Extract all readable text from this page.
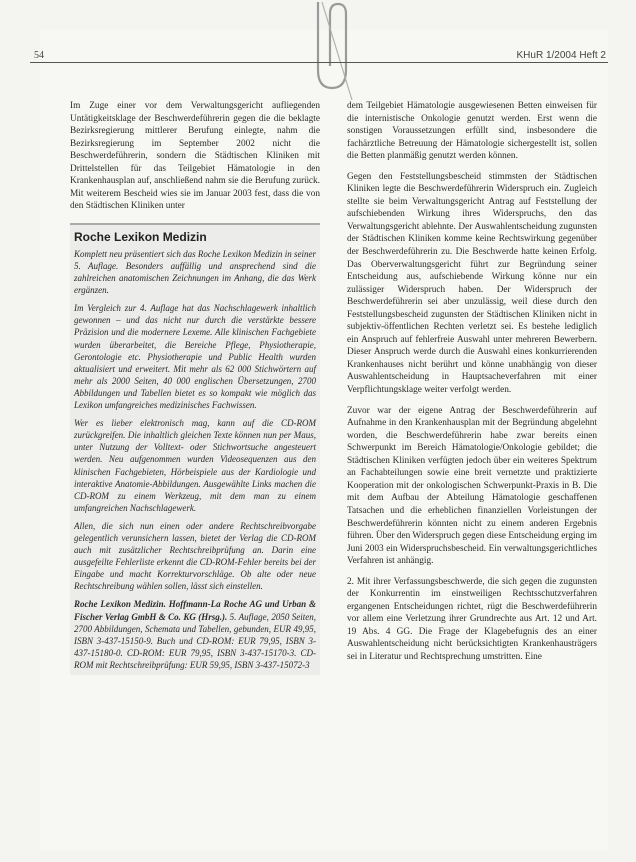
54	KHuR 1/2004 Heft 2

Im Zuge einer vor dem Verwaltungsgericht aufliegenden Untätigkeitsklage der Beschwerdeführerin gegen die die beklagte Bezirksregierung mittlerer Berufung einlegte, nahm die Bezirksregierung im September 2002 nicht die Beschwerdeführerin, sondern die Städtischen Kliniken mit Drittelstellen für das Teilgebiet Hämatologie in den Krankenhausplan auf, anschließend nahm sie die Berufung zurück. Mit weiterem Bescheid wies sie im Januar 2003 fest, dass die von den Städtischen Kliniken unter

Roche Lexikon Medizin

Komplett neu präsentiert sich das Roche Lexikon Medizin in seiner 5. Auflage. Besonders auffällig und ansprechend sind die zahlreichen anatomischen Zeichnungen im Anhang, die das Werk ergänzen.

Im Vergleich zur 4. Auflage hat das Nachschlagewerk inhaltlich gewonnen – und das nicht nur durch die verstärkte bessere Präzision und die modernere Lexeme. Alle klinischen Fachgebiete wurden überarbeitet, die Bereiche Pflege, Physiotherapie, Gerontologie etc. Physiotherapie und Public Health wurden aktualisiert und erweitert. Mit mehr als 62 000 Stichwörtern auf mehr als 2000 Seiten, 40 000 englischen Übersetzungen, 2700 Abbildungen und Tabellen bietet es so kompakt wie möglich das Lexikon umfangreiches medizinisches Fachwissen.

Wer es lieber elektronisch mag, kann auf die CD-ROM zurückgreifen. Die inhaltlich gleichen Texte können nun per Maus, unter Nutzung der Volltext- oder Stichwortsuche angesteuert werden. Neu aufgenommen wurden Videosequenzen aus den klinischen Fachgebieten, Hörbeispiele aus der Kardiologie und interaktive Anatomie-Abbildungen. Ausgewählte Links machen die CD-ROM zu einem Werkzeug, mit dem man zu einem umfangreichen Nachschlagewerk.

Allen, die sich nun einen oder andere Rechtschreibvorgabe gelegentlich verunsichern lassen, bietet der Verlag die CD-ROM auch mit zusätzlicher Rechtschreibprüfung an. Darin eine ausgefeilte Fehlerliste erkennt die CD-ROM-Fehler bereits bei der Eingabe und macht Korrekturvorschläge. Ob alte oder neue Rechtschreibung wählen sollen, lässt sich einstellen.

Roche Lexikon Medizin. Hoffmann-La Roche AG und Urban & Fischer Verlag GmbH & Co. KG (Hrsg.). 5. Auflage, 2050 Seiten, 2700 Abbildungen, Schemata und Tabellen, gebunden, EUR 49,95, ISBN 3-437-15150-9. Buch und CD-ROM: EUR 79,95, ISBN 3-437-15180-0. CD-ROM: EUR 79,95, ISBN 3-437-15170-3. CD-ROM mit Rechtschreibprüfung: EUR 59,95, ISBN 3-437-15072-3

dem Teilgebiet Hämatologie ausgewiesenen Betten einweisen für die internistische Onkologie genutzt werden. Erst wenn die sonstigen Voraussetzungen erfüllt sind, insbesondere die fachärztliche Betreuung der Hämatologie sichergestellt ist, sollen die Betten planmäßig genutzt werden können.

Gegen den Feststellungsbescheid stimmsten der Städtischen Kliniken legte die Beschwerdeführerin Widerspruch ein. Zugleich stellte sie beim Verwaltungsgericht Antrag auf Feststellung der aufschiebenden Wirkung ihres Widerspruchs, den das Verwaltungsgericht ablehnte. Der Auswahlentscheidung zugunsten der Städtischen Kliniken komme keine Rechtswirkung gegenüber der Beschwerdeführerin zu. Die Beschwerde hatte keinen Erfolg. Das Oberverwaltungsgericht führt zur Begründung seiner Entscheidung aus, aufschiebende Wirkung könne nur ein zulässiger Widerspruch haben. Der Widerspruch der Beschwerdeführerin sei aber unzulässig, weil diese durch den Feststellungsbescheid zugunsten der Städtischen Kliniken nicht in subjektiv-öffentlichen Rechten verletzt sei. Es bestehe lediglich ein Anspruch auf fehlerfreie Auswahl unter mehreren Bewerbern. Dieser Anspruch werde durch die Auswahl eines konkurrierenden Krankenhauses nicht berührt und könne unabhängig von dieser Auswahlentscheidung in Hauptsacheverfahren mit einer Verpflichtungsklage weiter verfolgt werden.

Zuvor war der eigene Antrag der Beschwerdeführerin auf Aufnahme in den Krankenhausplan mit der Begründung abgelehnt worden, die Beschwerdeführerin habe zwar bereits einen Schwerpunkt im Bereich Hämatologie/Onkologie gebildet; die Städtischen Kliniken verfügten jedoch über ein weiteres Spektrum an Fachabteilungen sowie eine breit vernetzte und praktizierte Kooperation mit der onkologischen Schwerpunkt-Praxis in B. Die mit dem Aufbau der Abteilung Hämatologie geschaffenen Tatsachen und die erheblichen finanziellen Vorleistungen der Beschwerdeführerin könnten nicht zu einem anderen Ergebnis führen. Über den Widerspruch gegen diese Entscheidung erging im Juni 2003 ein Widerspruchsbescheid. Ein verwaltungsgerichtliches Verfahren ist anhängig.

2. Mit ihrer Verfassungsbeschwerde, die sich gegen die zugunsten der Konkurrentin im einstweiligen Rechtsschutzverfahren ergangenen Entscheidungen richtet, rügt die Beschwerdeführerin vor allem eine Verletzung ihrer Grundrechte aus Art. 12 und Art. 19 Abs. 4 GG. Die Frage der Klagebefugnis des an einer Auswahlentscheidung nicht berücksichtigten Krankenhausträgers sei in Literatur und Rechtsprechung umstritten. Eine
